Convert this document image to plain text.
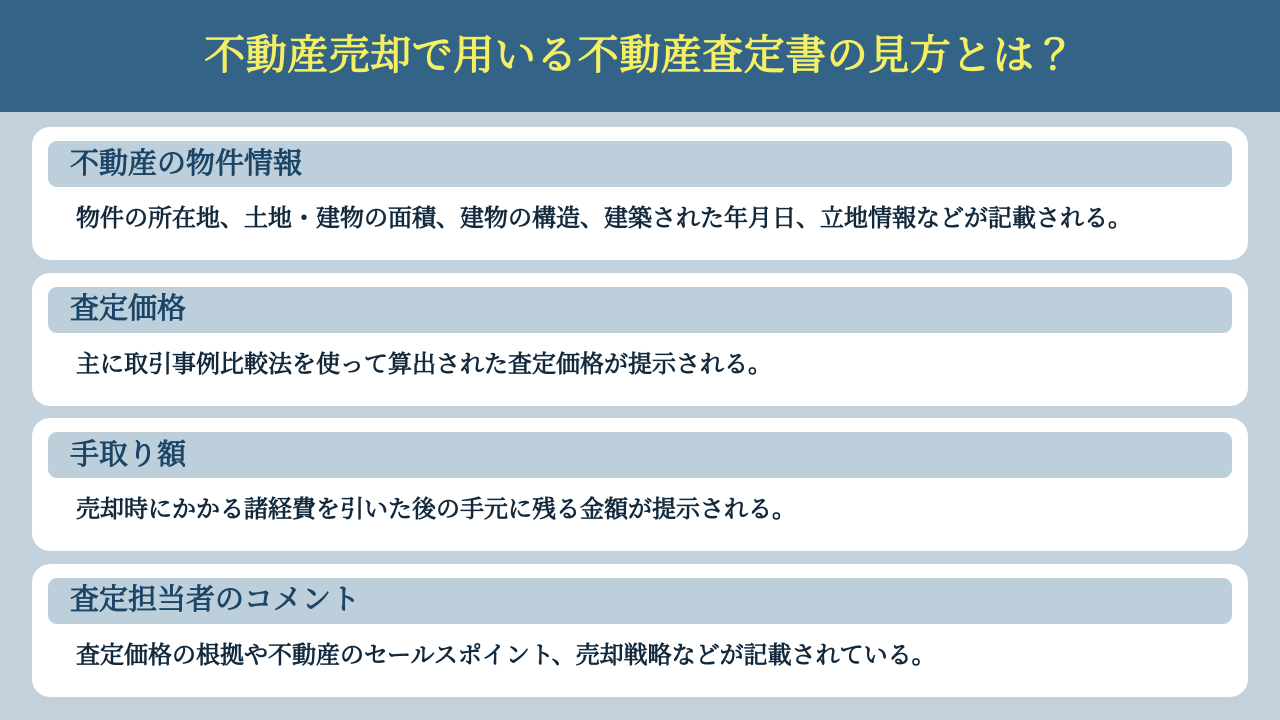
不動産売却で用いる不動産査定書の見方とは？
不動産の物件情報
物件の所在地、土地・建物の面積、建物の構造、建築された年月日、立地情報などが記載される。
査定価格
主に取引事例比較法を使って算出された査定価格が提示される。
手取り額
売却時にかかる諸経費を引いた後の手元に残る金額が提示される。
査定担当者のコメント
査定価格の根拠や不動産のセールスポイント、売却戦略などが記載されている。
